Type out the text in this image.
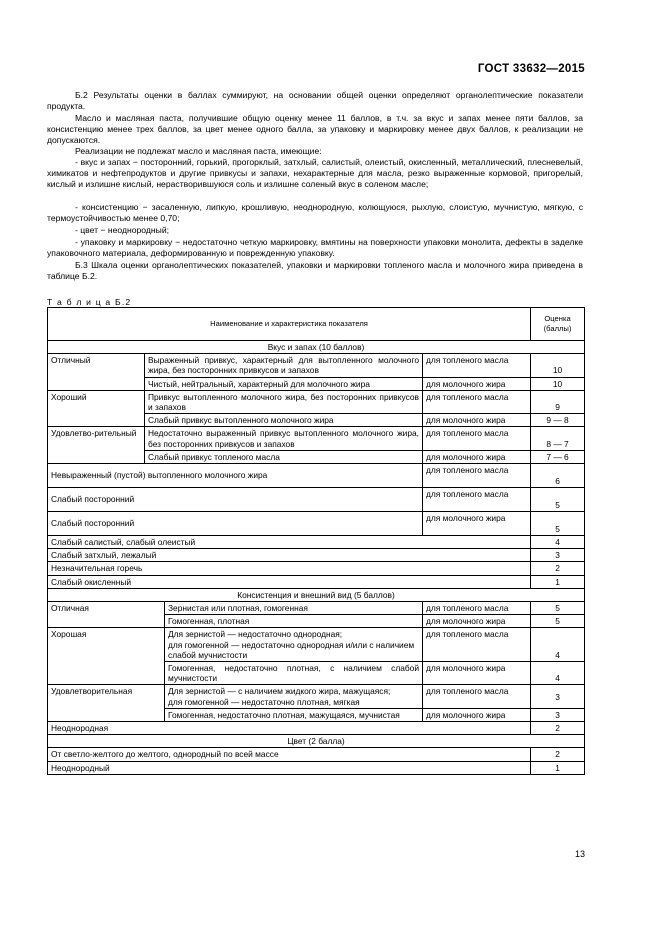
ГОСТ 33632—2015
Б.2 Результаты оценки в баллах суммируют, на основании общей оценки определяют органолептические показатели продукта.
Масло и масляная паста, получившие общую оценку менее 11 баллов, в т.ч. за вкус и запах менее пяти баллов, за консистенцию менее трех баллов, за цвет менее одного балла, за упаковку и маркировку менее двух баллов, к реализации не допускаются.
Реализации не подлежат масло и масляная паста, имеющие:
- вкус и запах − посторонний, горький, прогорклый, затхлый, салистый, олеистый, окисленный, металлический, плесневелый, химикатов и нефтепродуктов и другие привкусы и запахи, нехарактерные для масла, резко выраженные кормовой, пригорелый, кислый и излишне кислый, нерастворившуюся соль и излишне соленый вкус в соленом масле;
- консистенцию − засаленную, липкую, крошливую, неоднородную, колющуюся, рыхлую, слоистую, мучнистую, мягкую, с термоустойчивостью менее 0,70;
- цвет − неоднородный;
- упаковку и маркировку − недостаточно четкую маркировку, вмятины на поверхности упаковки монолита, дефекты в заделке упаковочного материала, деформированную и поврежденную упаковку.
Б.3 Шкала оценки органолептических показателей, упаковки и маркировки топленого масла и молочного жира приведена в таблице Б.2.
Т а б л и ц а Б.2
Наименование и характеристика показателя				Оценка (баллы)
Вкус и запах (10 баллов)				
Отличный	Выраженный привкус, характерный для вытопленного молочного жира, без посторонних привкусов и запахов		для топленого масла	10
	Чистый, нейтральный, характерный для молочного жира		для молочного жира	10
Хороший	Привкус вытопленного молочного жира, без посторонних привкусов и запахов		для топленого масла	9
	Слабый привкус вытопленного молочного жира		для молочного жира	9 — 8
Удовлетво-рительный	Недостаточно выраженный привкус вытопленного молочного жира, без посторонних привкусов и запахов		для топленого масла	8 — 7
	Слабый привкус топленого масла		для молочного жира	7 — 6
Невыраженный (пустой) вытопленного молочного жира			для топленого масла	6
Слабый посторонний			для топленого масла	5
Слабый посторонний			для молочного жира	5
Слабый салистый, слабый олеистый				4
Слабый затхлый, лежалый				3
Незначительная горечь				2
Слабый окисленный				1
Консистенция и внешний вид (5 баллов)				
Отличная		Зернистая или плотная, гомогенная	для топленого масла	5
		Гомогенная, плотная	для молочного жира	5
Хорошая		Для зернистой — недостаточно однородная;
для гомогенной — недостаточно однородная и/или с наличием слабой мучнистости	для топленого масла	4
		Гомогенная, недостаточно плотная, с наличием слабой мучнистости	для молочного жира	4
Удовлетворительная		Для зернистой — с наличием жидкого жира, мажущаяся;
для гомогенной — недостаточно плотная, мягкая	для топленого масла	3
		Гомогенная, недостаточно плотная, мажущаяся, мучнистая	для молочного жира	3
Неоднородная				2
Цвет (2 балла)				
От светло-желтого до желтого, однородный по всей массе				2
Неоднородный				1
13
